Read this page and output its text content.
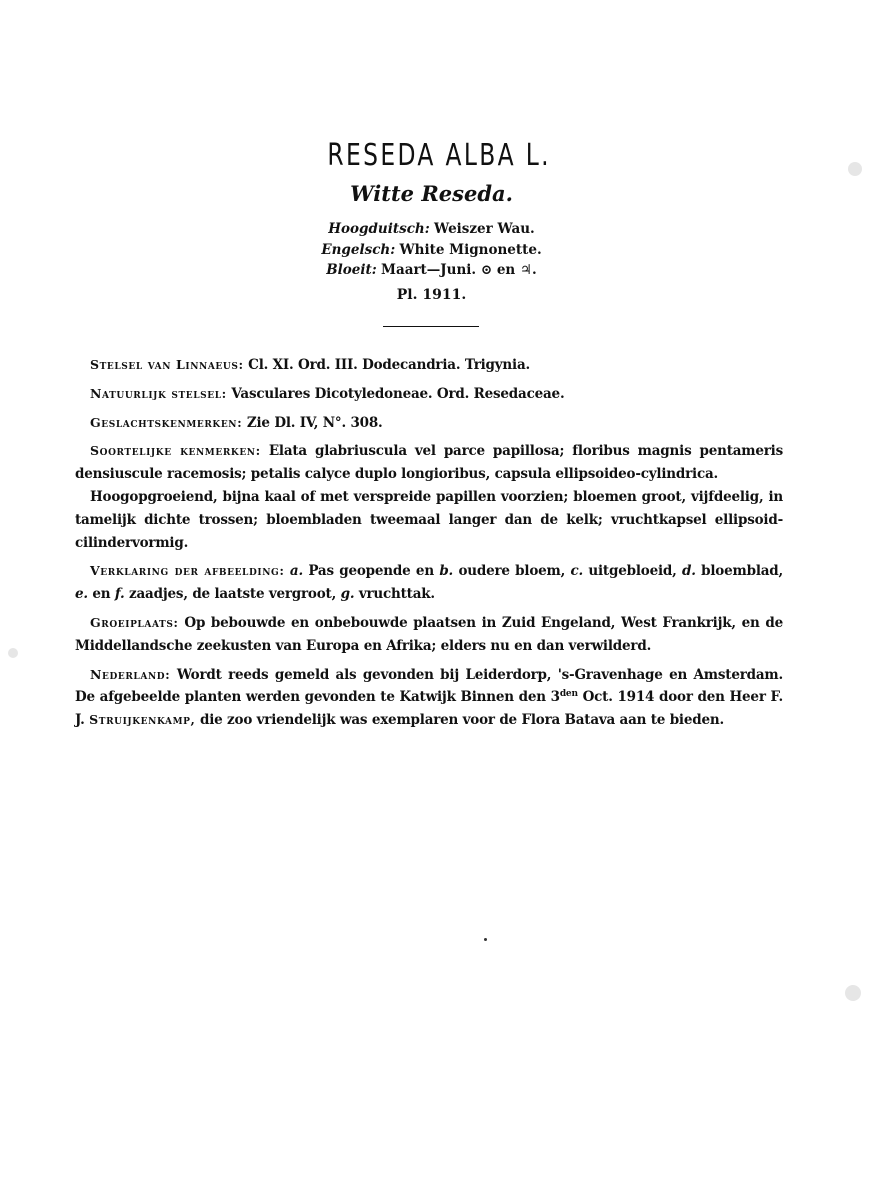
RESEDA ALBA L.
Witte Reseda.
Hoogduitsch: Weiszer Wau.
Engelsch: White Mignonette.
Bloeit: Maart—Juni. ⊙ en ♃.
Pl. 1911.

Stelsel van Linnaeus: Cl. XI. Ord. III. Dodecandria. Trigynia.

Natuurlijk stelsel: Vasculares Dicotyledoneae. Ord. Resedaceae.

Geslachtskenmerken: Zie Dl. IV, N°. 308.

Soortelijke kenmerken: Elata glabriuscula vel parce papillosa; floribus magnis pentameris densiuscule racemosis; petalis calyce duplo longioribus, capsula ellipsoideo-cylindrica.

Hoogopgroeiend, bijna kaal of met verspreide papillen voorzien; bloemen groot, vijfdeelig, in tamelijk dichte trossen; bloembladen tweemaal langer dan de kelk; vruchtkapsel ellipsoid-cilindervormig.

Verklaring der afbeelding: a. Pas geopende en b. oudere bloem, c. uitgebloeid, d. bloemblad, e. en f. zaadjes, de laatste vergroot, g. vruchttak.

Groeiplaats: Op bebouwde en onbebouwde plaatsen in Zuid Engeland, West Frankrijk, en de Middellandsche zeekusten van Europa en Afrika; elders nu en dan verwilderd.

Nederland: Wordt reeds gemeld als gevonden bij Leiderdorp, 's-Gravenhage en Amsterdam. De afgebeelde planten werden gevonden te Katwijk Binnen den $3^{den}$ Oct. 1914 door den Heer F. J. Struijkenkamp, die zoo vriendelijk was exemplaren voor de Flora Batava aan te bieden.
